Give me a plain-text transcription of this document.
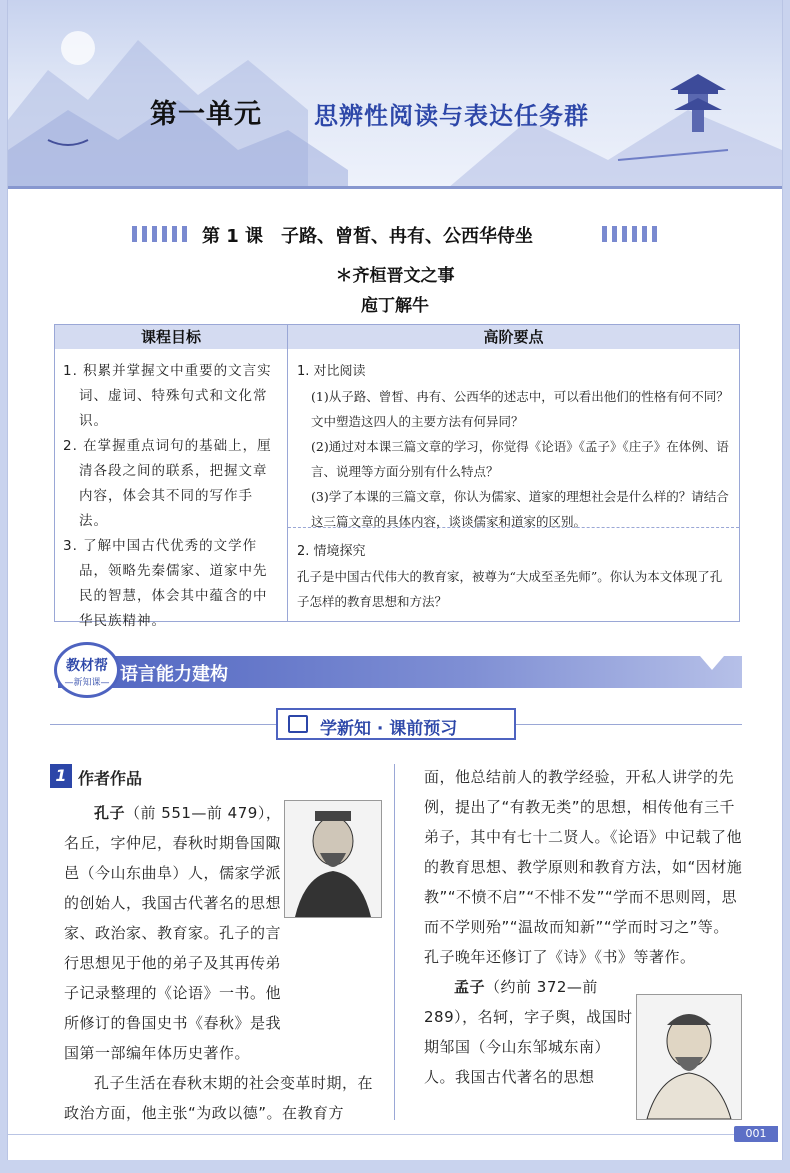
第一单元 思辨性阅读与表达任务群
第 1 课　子路、曾皙、冉有、公西华侍坐
＊齐桓晋文之事
庖丁解牛
课程目标	高阶要点
1. 积累并掌握文中重要的文言实词、虚词、特殊句式和文化常识。
2. 在掌握重点词句的基础上，厘清各段之间的联系，把握文章内容，体会其不同的写作手法。
3. 了解中国古代优秀的文学作品，领略先秦儒家、道家中先民的智慧，体会其中蕴含的中华民族精神。
1. 对比阅读
(1)从子路、曾皙、冉有、公西华的述志中，可以看出他们的性格有何不同？文中塑造这四人的主要方法有何异同？
(2)通过对本课三篇文章的学习，你觉得《论语》《孟子》《庄子》在体例、语言、说理等方面分别有什么特点？
(3)学了本课的三篇文章，你认为儒家、道家的理想社会是什么样的？请结合这三篇文章的具体内容，谈谈儒家和道家的区别。
2. 情境探究
孔子是中国古代伟大的教育家，被尊为“大成至圣先师”。你认为本文体现了孔子怎样的教育思想和方法？
语言能力建构
教材帮
—新知课—
学新知 · 课前预习
1 作者作品

孔子（前 551—前 479），名丘，字仲尼，春秋时期鲁国陬邑（今山东曲阜）人，儒家学派的创始人，我国古代著名的思想家、政治家、教育家。孔子的言行思想见于他的弟子及其再传弟子记录整理的《论语》一书。他所修订的鲁国史书《春秋》是我国第一部编年体历史著作。

孔子生活在春秋末期的社会变革时期，在政治方面，他主张“为政以德”。在教育方

面，他总结前人的教学经验，开私人讲学的先例，提出了“有教无类”的思想，相传他有三千弟子，其中有七十二贤人。《论语》中记载了他的教育思想、教学原则和教育方法，如“因材施教”“不愤不启”“不悱不发”“学而不思则罔，思而不学则殆”“温故而知新”“学而时习之”等。孔子晚年还修订了《诗》《书》等著作。

孟子（约前 372—前 289），名轲，字子舆，战国时期邹国（今山东邹城东南）人。我国古代著名的思想

001
